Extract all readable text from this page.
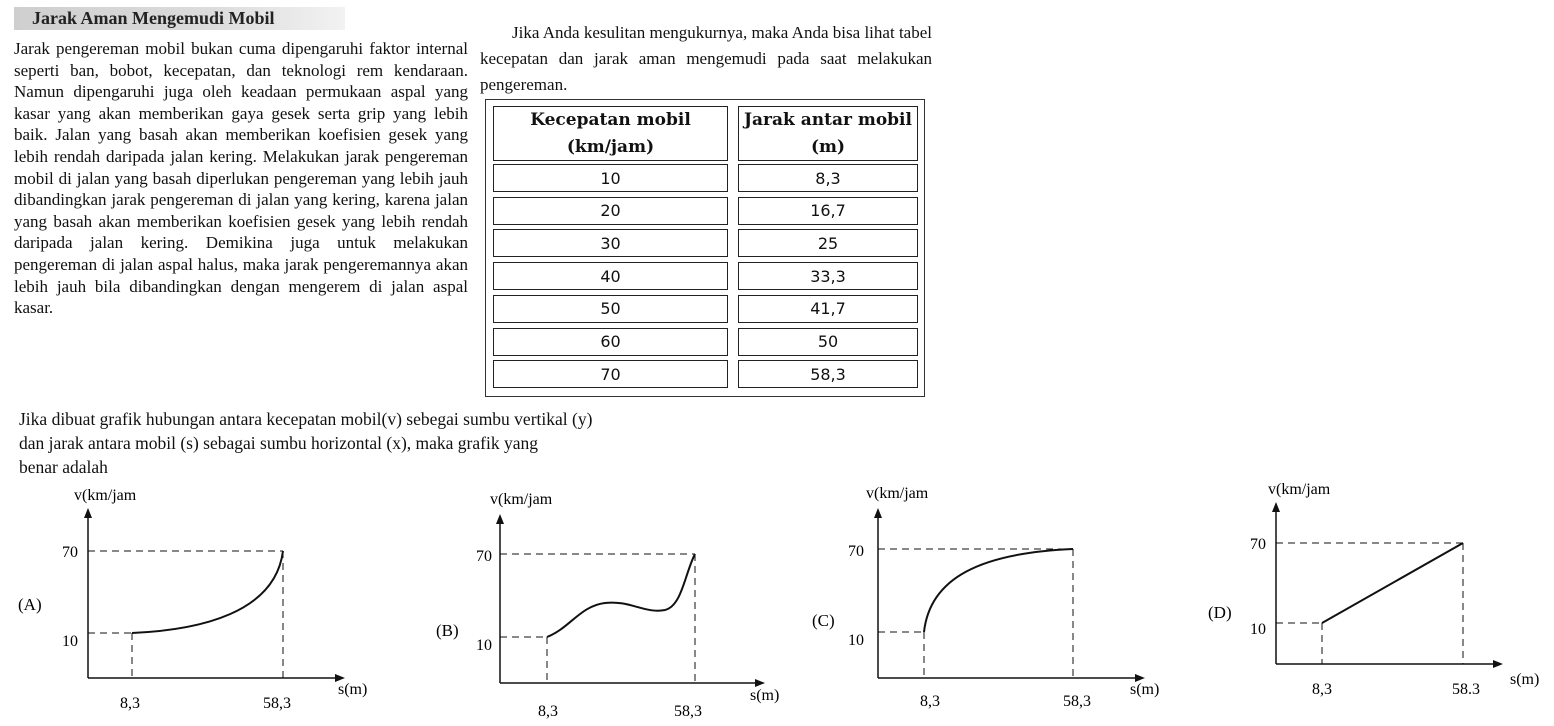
Jarak Aman Mengemudi Mobil
Jarak pengereman mobil bukan cuma dipengaruhi faktor internal seperti ban, bobot, kecepatan, dan teknologi rem kendaraan. Namun dipengaruhi juga oleh keadaan permukaan aspal yang kasar yang akan memberikan gaya gesek serta grip yang lebih baik. Jalan yang basah akan memberikan koefisien gesek yang lebih rendah daripada jalan kering. Melakukan jarak pengereman mobil di jalan yang basah diperlukan pengereman yang lebih jauh dibandingkan jarak pengereman di jalan yang kering, karena jalan yang basah akan memberikan koefisien gesek yang lebih rendah daripada jalan kering. Demikina juga untuk melakukan pengereman di jalan aspal halus, maka jarak pengeremannya akan lebih jauh bila dibandingkan dengan mengerem di jalan aspal kasar.
Jika Anda kesulitan mengukurnya, maka Anda bisa lihat tabel kecepatan dan jarak aman mengemudi pada saat melakukan pengereman.
Kecepatan mobil
(km/jam)
Jarak antar mobil
(m)
10	8,3
20	16,7
30	25
40	33,3
50	41,7
60	50
70	58,3
Jika dibuat grafik hubungan antara kecepatan mobil(v) sebegai sumbu vertikal (y)
dan jarak antara mobil (s) sebagai sumbu horizontal (x), maka grafik yang
benar adalah
v(km/jam
70
10
8,3	58,3
s(m)
(A)
v(km/jam
70
10
8,3	58,3
s(m)
(B)
v(km/jam
70
10
8,3	58,3
s(m)
(C)
v(km/jam
70
10
8,3	58.3
s(m)
(D)
